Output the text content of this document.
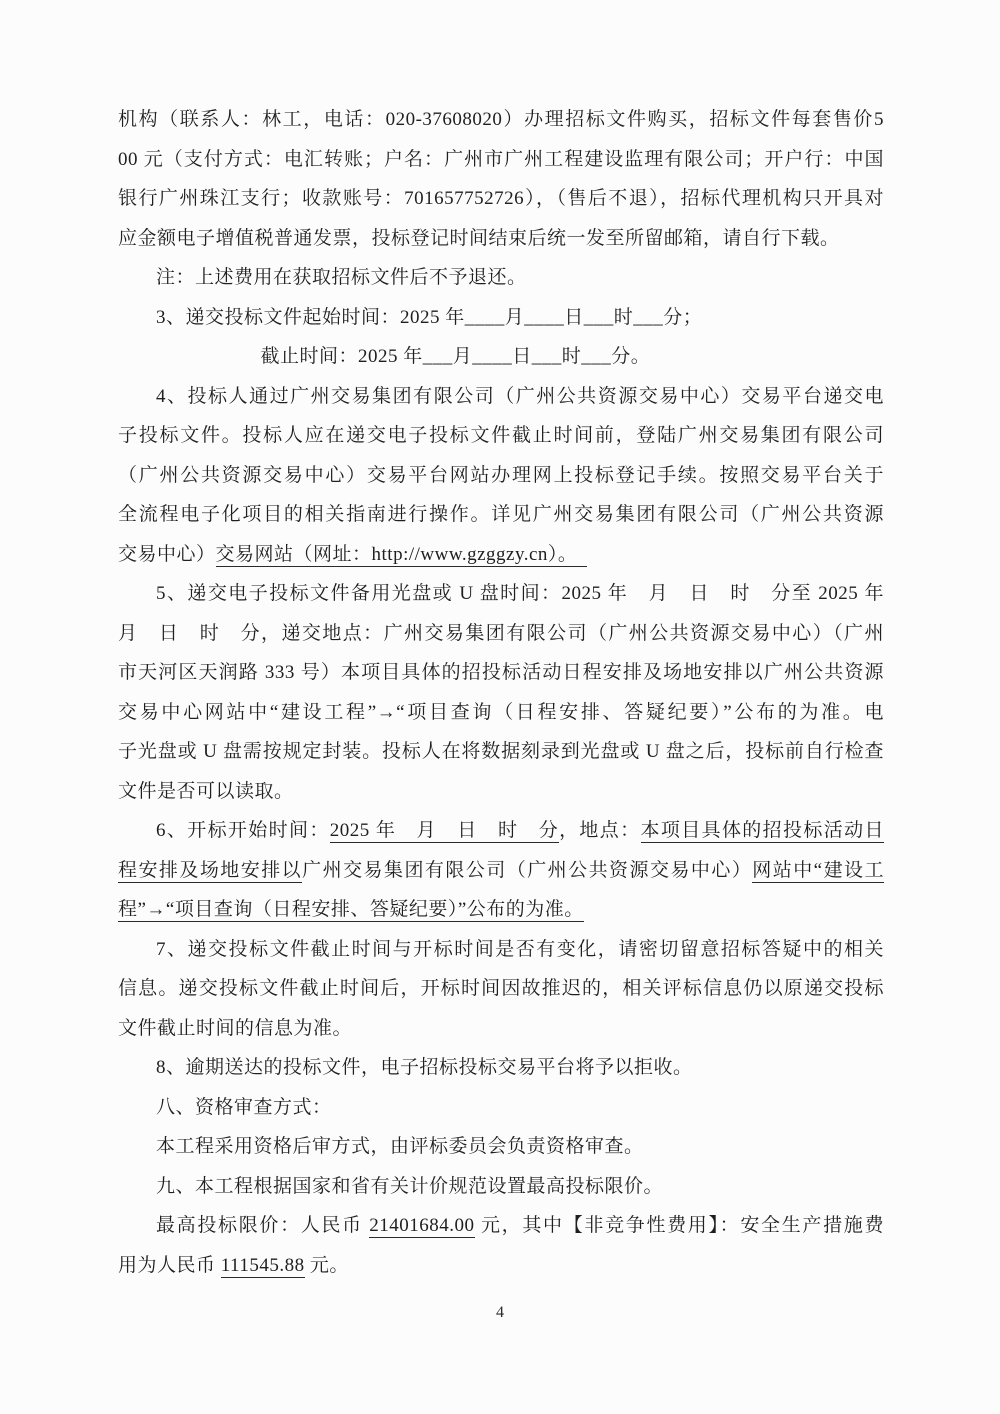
机构（联系人：林工，电话：020-37608020）办理招标文件购买，招标文件每套售价5
00 元（支付方式：电汇转账；户名：广州市广州工程建设监理有限公司；开户行：中国
银行广州珠江支行；收款账号：701657752726），（售后不退），招标代理机构只开具对
应金额电子增值税普通发票，投标登记时间结束后统一发至所留邮箱，请自行下载。
注：上述费用在获取招标文件后不予退还。
3、递交投标文件起始时间：2025 年____月____日___时___分；
截止时间：2025 年___月____日___时___分。
4、投标人通过广州交易集团有限公司（广州公共资源交易中心）交易平台递交电
子投标文件。投标人应在递交电子投标文件截止时间前，登陆广州交易集团有限公司
（广州公共资源交易中心）交易平台网站办理网上投标登记手续。按照交易平台关于
全流程电子化项目的相关指南进行操作。详见广州交易集团有限公司（广州公共资源
交易中心）交易网站（网址：http://www.gzggzy.cn）。　
5、递交电子投标文件备用光盘或 U 盘时间：2025 年　月　日　时　分至 2025 年
月　日　时　分，递交地点：广州交易集团有限公司（广州公共资源交易中心）（广州
市天河区天润路 333 号）本项目具体的招投标活动日程安排及场地安排以广州公共资源
交易中心网站中“建设工程”→“项目查询（日程安排、答疑纪要）”公布的为准。电
子光盘或 U 盘需按规定封装。投标人在将数据刻录到光盘或 U 盘之后，投标前自行检查
文件是否可以读取。
6、开标开始时间：2025 年　月　日　时　分，地点：本项目具体的招投标活动日
程安排及场地安排以广州交易集团有限公司（广州公共资源交易中心）网站中“建设工
程”→“项目查询（日程安排、答疑纪要）”公布的为准。
7、递交投标文件截止时间与开标时间是否有变化，请密切留意招标答疑中的相关
信息。递交投标文件截止时间后，开标时间因故推迟的，相关评标信息仍以原递交投标
文件截止时间的信息为准。
8、逾期送达的投标文件，电子招标投标交易平台将予以拒收。
八、资格审查方式：
本工程采用资格后审方式，由评标委员会负责资格审查。
九、本工程根据国家和省有关计价规范设置最高投标限价。
最高投标限价：人民币 21401684.00 元，其中【非竞争性费用】：安全生产措施费
用为人民币 111545.88 元。
4
